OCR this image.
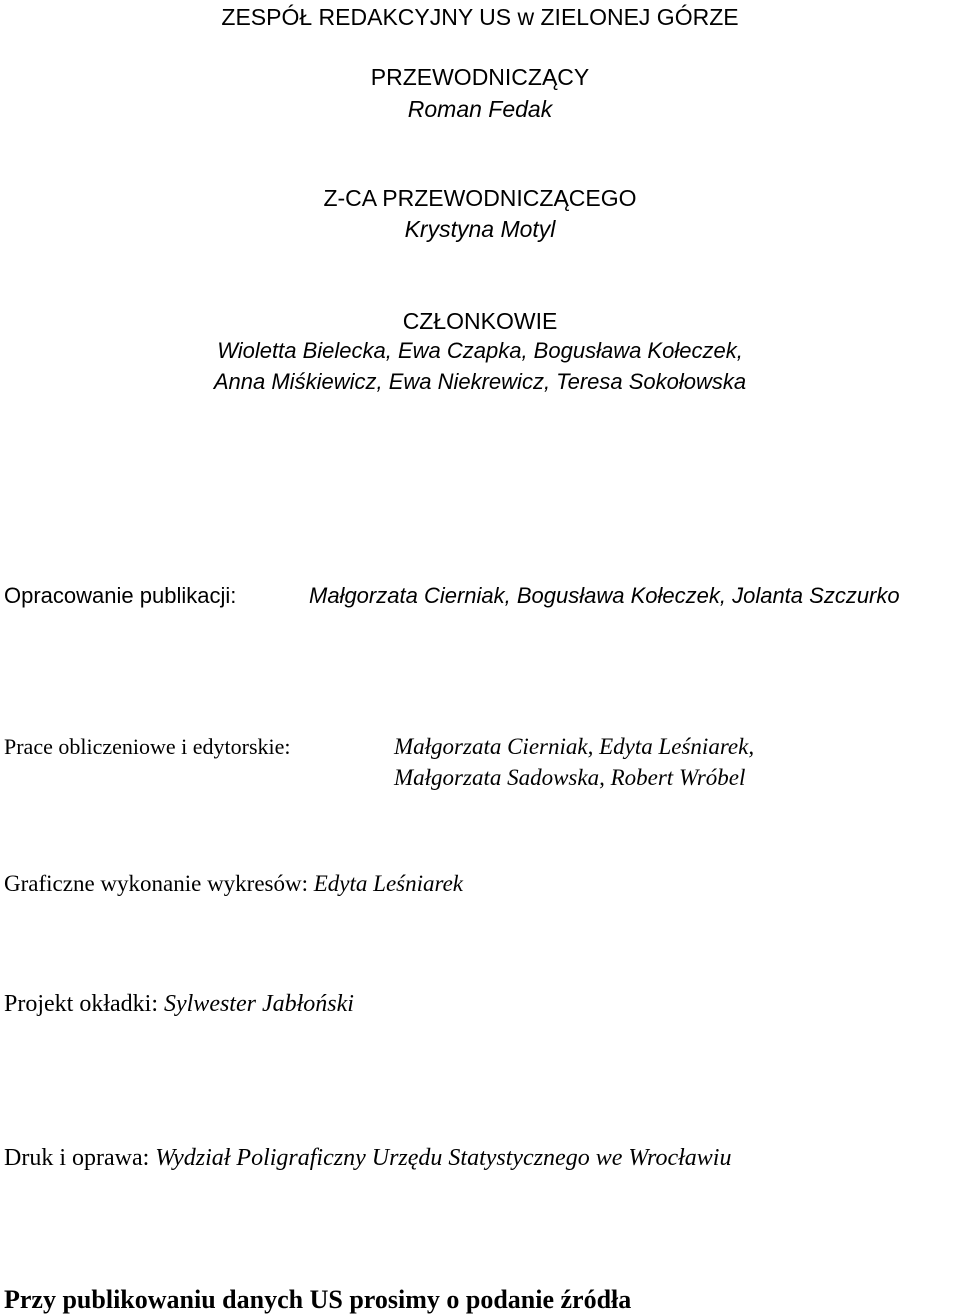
ZESPÓŁ REDAKCYJNY US w ZIELONEJ GÓRZE
PRZEWODNICZĄCY
Roman Fedak
Z-CA PRZEWODNICZĄCEGO
Krystyna Motyl
CZŁONKOWIE
Wioletta Bielecka, Ewa Czapka, Bogusława Kołeczek,
Anna Miśkiewicz, Ewa Niekrewicz, Teresa Sokołowska
Opracowanie publikacji:	Małgorzata Cierniak, Bogusława Kołeczek, Jolanta Szczurko
Prace obliczeniowe i edytorskie:	Małgorzata Cierniak, Edyta Leśniarek,
Małgorzata Sadowska, Robert Wróbel
Graficzne wykonanie wykresów: Edyta Leśniarek
Projekt okładki: Sylwester Jabłoński
Druk i oprawa: Wydział Poligraficzny Urzędu Statystycznego we Wrocławiu
Przy publikowaniu danych US prosimy o podanie źródła
